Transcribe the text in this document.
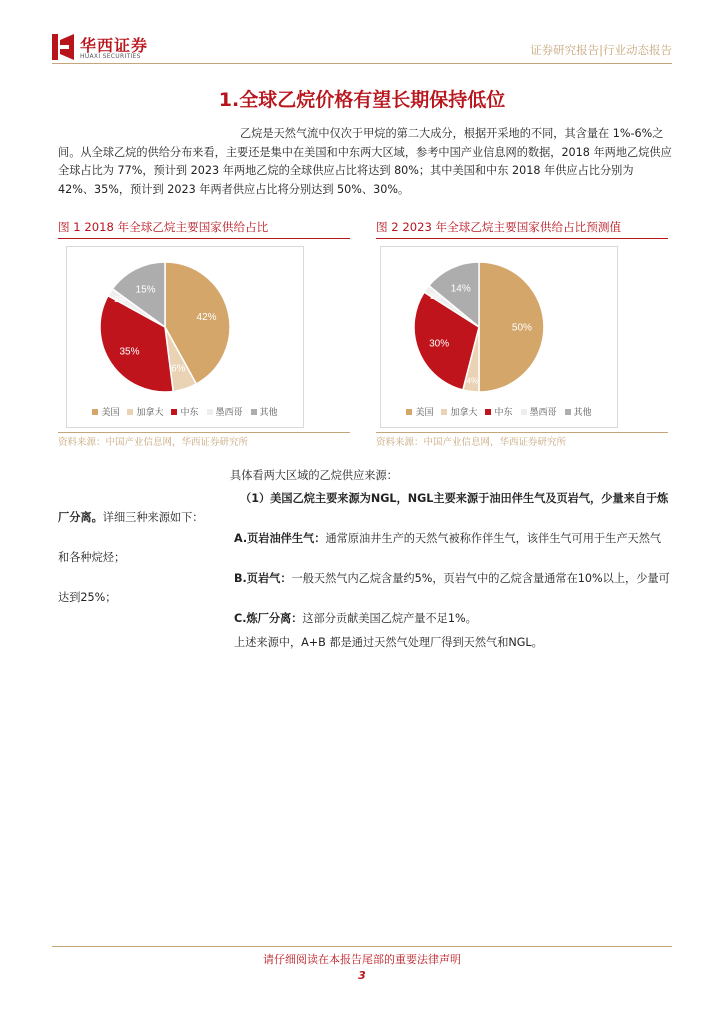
华西证券
HUAXI SECURITIES	证券研究报告|行业动态报告
1.全球乙烷价格有望长期保持低位
乙烷是天然气流中仅次于甲烷的第二大成分，根据开采地的不同，其含量在 1%-6%之间。从全球乙烷的供给分布来看，主要还是集中在美国和中东两大区域，参考中国产业信息网的数据，2018 年两地乙烷供应全球占比为 77%，预计到 2023 年两地乙烷的全球供应占比将达到 80%；其中美国和中东 2018 年供应占比分别为 42%、35%，预计到 2023 年两者供应占比将分别达到 50%、30%。
图 1 2018 年全球乙烷主要国家供给占比
42%
6%
35%
2%
15%
美国 加拿大 中东 墨西哥 其他
资料来源：中国产业信息网，华西证券研究所
图 2 2023 年全球乙烷主要国家供给占比预测值
50%
4%
30%
2%
14%
美国 加拿大 中东 墨西哥 其他
资料来源：中国产业信息网，华西证券研究所
具体看两大区域的乙烷供应来源：
（1）美国乙烷主要来源为NGL，NGL主要来源于油田伴生气及页岩气，少量来自于炼厂分离。详细三种来源如下：
A.页岩油伴生气：通常原油井生产的天然气被称作伴生气，该伴生气可用于生产天然气和各种烷烃；
B.页岩气：一般天然气内乙烷含量约5%，页岩气中的乙烷含量通常在10%以上，少量可达到25%；
C.炼厂分离：这部分贡献美国乙烷产量不足1%。
上述来源中，A+B 都是通过天然气处理厂得到天然气和NGL。
请仔细阅读在本报告尾部的重要法律声明
3
